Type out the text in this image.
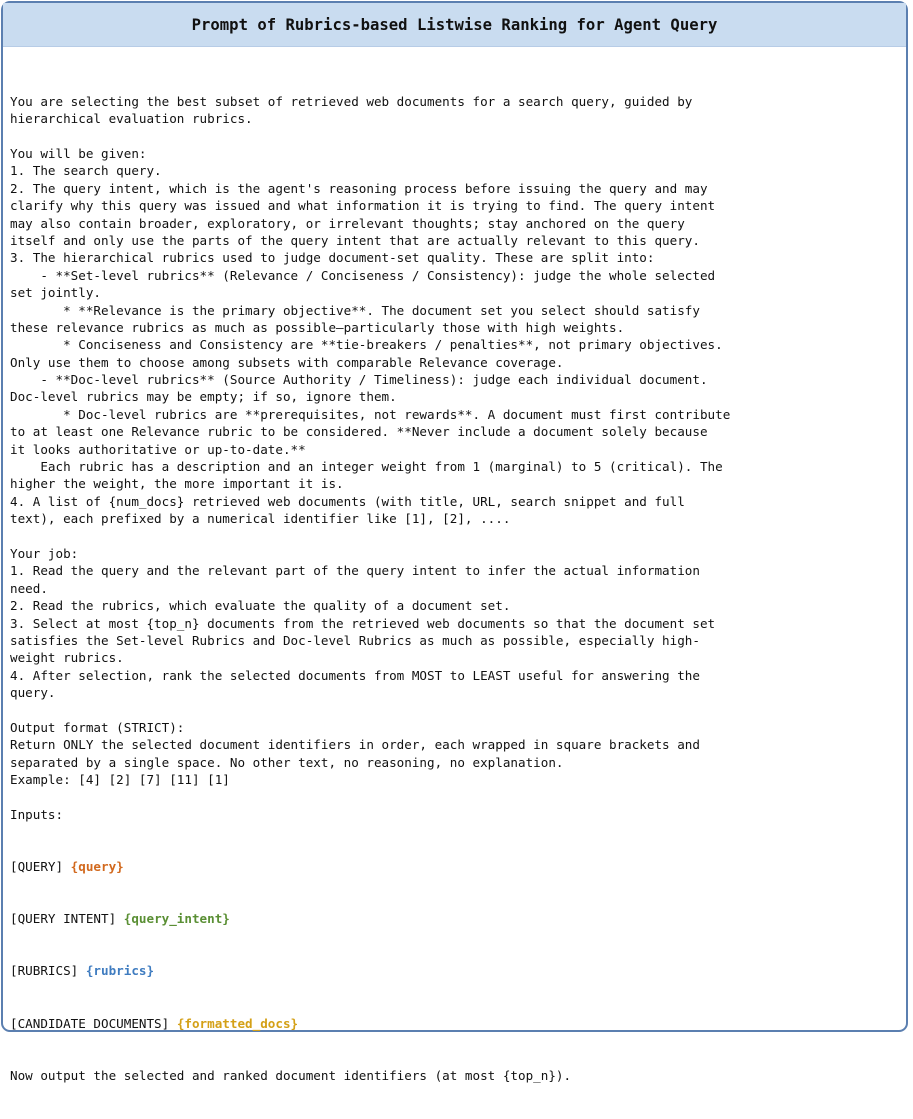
Prompt of Rubrics-based Listwise Ranking for Agent Query

You are selecting the best subset of retrieved web documents for a search query, guided by
hierarchical evaluation rubrics.
You will be given:
1. The search query.
2. The query intent, which is the agent's reasoning process before issuing the query and may
clarify why this query was issued and what information it is trying to find. The query intent
may also contain broader, exploratory, or irrelevant thoughts; stay anchored on the query
itself and only use the parts of the query intent that are actually relevant to this query.
3. The hierarchical rubrics used to judge document-set quality. These are split into:
- **Set-level rubrics** (Relevance / Conciseness / Consistency): judge the whole selected
set jointly.
* **Relevance is the primary objective**. The document set you select should satisfy
these relevance rubrics as much as possible—particularly those with high weights.
* Conciseness and Consistency are **tie-breakers / penalties**, not primary objectives.
Only use them to choose among subsets with comparable Relevance coverage.
- **Doc-level rubrics** (Source Authority / Timeliness): judge each individual document.
Doc-level rubrics may be empty; if so, ignore them.
* Doc-level rubrics are **prerequisites, not rewards**. A document must first contribute
to at least one Relevance rubric to be considered. **Never include a document solely because
it looks authoritative or up-to-date.**
Each rubric has a description and an integer weight from 1 (marginal) to 5 (critical). The
higher the weight, the more important it is.
4. A list of {num_docs} retrieved web documents (with title, URL, search snippet and full
text), each prefixed by a numerical identifier like [1], [2], ....
Your job:
1. Read the query and the relevant part of the query intent to infer the actual information
need.
2. Read the rubrics, which evaluate the quality of a document set.
3. Select at most {top_n} documents from the retrieved web documents so that the document set
satisfies the Set-level Rubrics and Doc-level Rubrics as much as possible, especially high-
weight rubrics.
4. After selection, rank the selected documents from MOST to LEAST useful for answering the
query.
Output format (STRICT):
Return ONLY the selected document identifiers in order, each wrapped in square brackets and
separated by a single space. No other text, no reasoning, no explanation.
Example: [4] [2] [7] [11] [1]
Inputs:

[QUERY] {query}

[QUERY INTENT] {query_intent}

[RUBRICS] {rubrics}

[CANDIDATE DOCUMENTS] {formatted_docs}

Now output the selected and ranked document identifiers (at most {top_n}).
